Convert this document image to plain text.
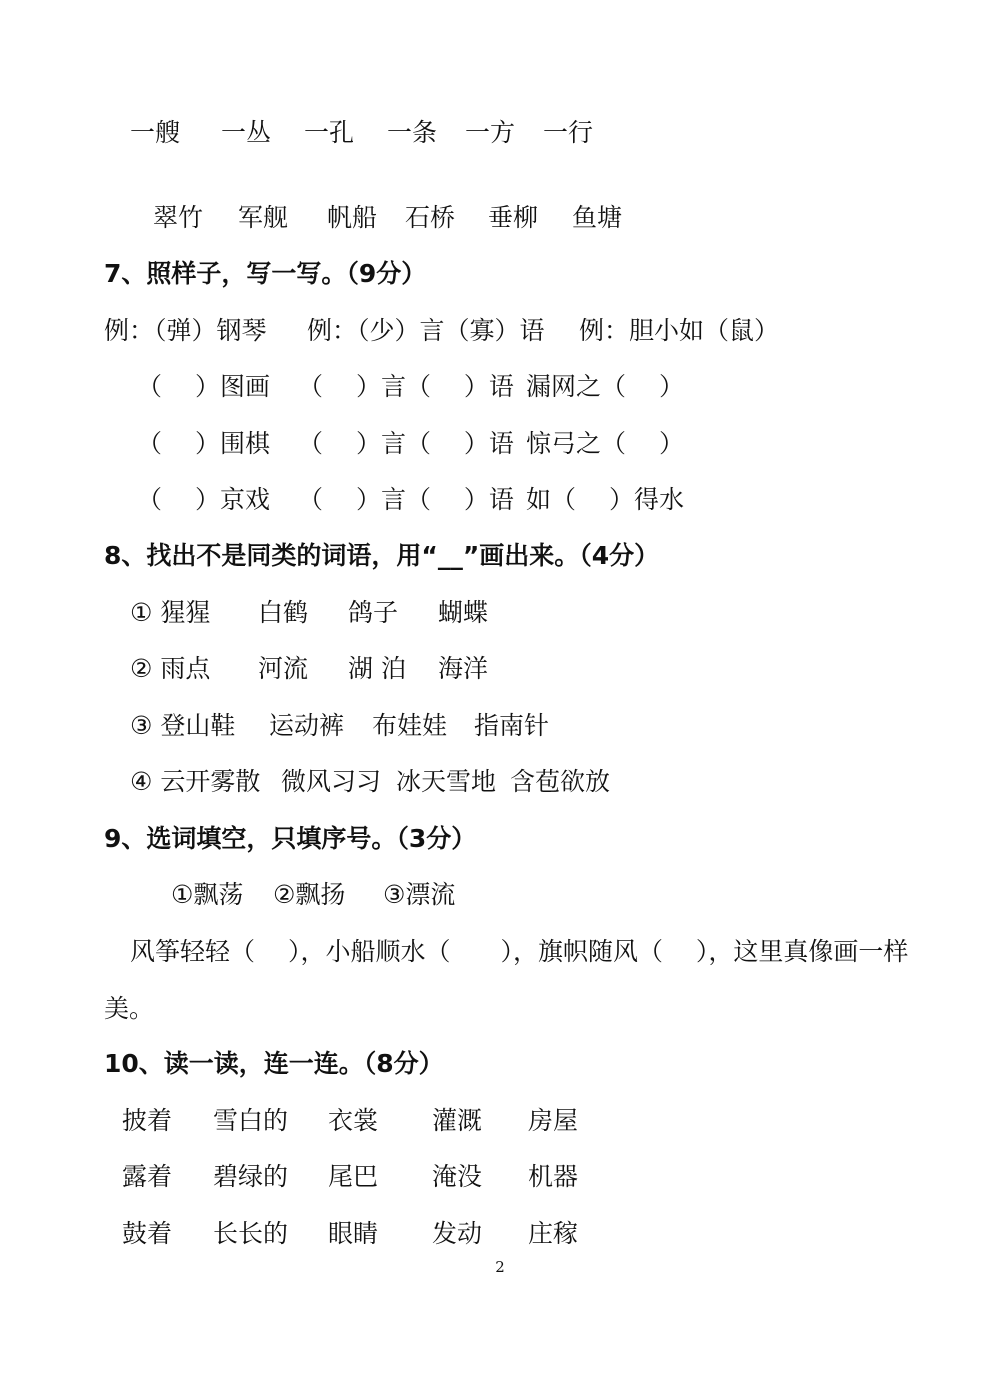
一艘 一丛 一孔 一条 一方 一行
翠竹 军舰 帆船 石桥 垂柳 鱼塘
7、照样子，写一写。（9分）
例：（弹）钢琴 例：（少）言（寡）语 例：胆小如（鼠）
（　 ）图画 （　 ）言（　 ）语 漏网之（　 ）
（　 ）围棋 （　 ）言（　 ）语 惊弓之（　 ）
（　 ）京戏 （　 ）言（　 ）语 如（　 ）得水
8、找出不是同类的词语，用“__”画出来。（4分）
① 猩猩 白鹤 鸽子 蝴蝶
② 雨点 河流 湖 泊 海洋
③ 登山鞋 运动裤 布娃娃 指南针
④ 云开雾散 微风习习 冰天雪地 含苞欲放
9、选词填空，只填序号。（3分）
①飘荡 ②飘扬 ③漂流
风筝轻轻（　 ），小船顺水（　　），旗帜随风（　 ），这里真像画一样
美。
10、读一读，连一连。（8分）
披着 雪白的 衣裳 灌溉 房屋
露着 碧绿的 尾巴 淹没 机器
鼓着 长长的 眼睛 发动 庄稼
2
